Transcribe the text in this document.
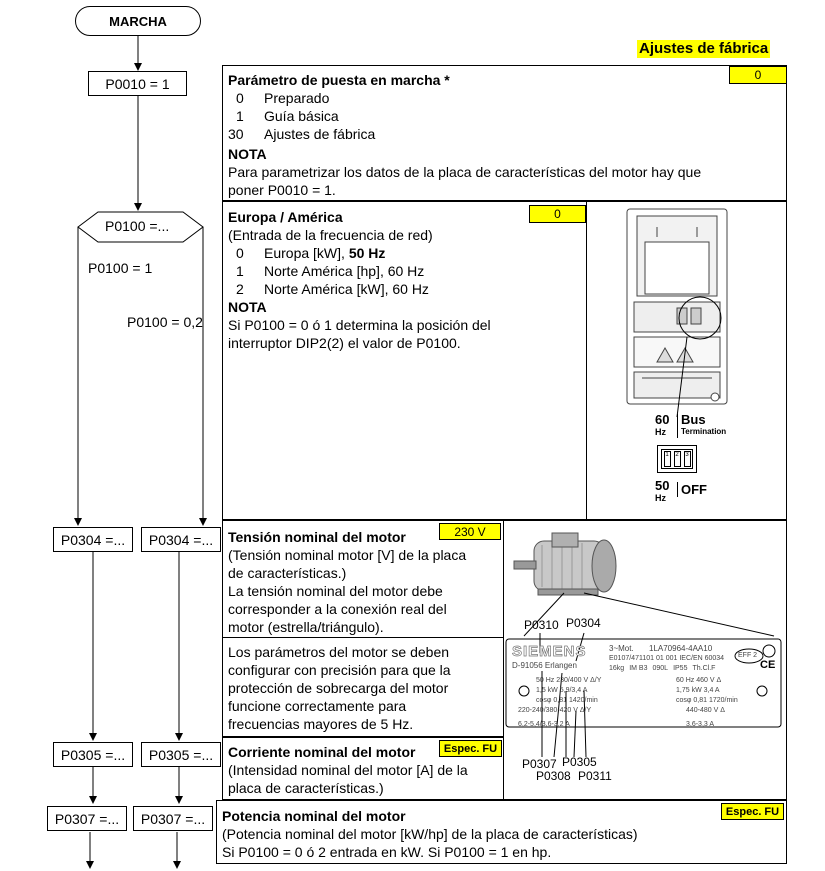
MARCHA
Ajustes de fábrica
P0010 = 1
P0100 =...
P0100 = 1
P0100 = 0,2
P0304 =...	P0304 =...
P0305 =...	P0305 =...
P0307 =...	P0307 =...
0
Parámetro de puesta en marcha *
0	Preparado
1	Guía básica
30	Ajustes de fábrica
NOTA
Para parametrizar los datos de la placa de características del motor hay que
poner P0010 = 1.
0
Europa / América
(Entrada de la frecuencia de red)
0	Europa [kW], 50 Hz
1	Norte América [hp], 60 Hz
2	Norte América [kW], 60 Hz
NOTA
Si P0100 = 0 ó 1 determina la posición del
interruptor DIP2(2) el valor de P0100.
60
Hz
Bus
Termination
1	2	3
50
Hz
OFF
230 V
Tensión nominal del motor
(Tensión nominal motor [V] de la placa
de características.)
La tensión nominal del motor debe
corresponder a la conexión real del
motor (estrella/triángulo).
Los parámetros del motor se deben
configurar con precisión para que la
protección de sobrecarga del motor
funcione correctamente para
frecuencias mayores de 5 Hz.
Espec. FU
Corriente nominal del motor
(Intensidad nominal del motor [A] de la
placa de características.)
P0310 P0304
P0307 P0305
P0308 P0311
SIEMENS
D-91056 Erlangen
3~Mot. 1LA70964-4AA10
E0107/471101 01 001 IEC/EN 60034
16kg IM B3 090L IP55 Th.Cl.F
EFF 2
CE
50 Hz 230/400 V Δ/Y
1,5 kW 5,9/3,4 A
cosφ 0,81 1420/min
220-240/380-420 V Δ/Y
6,2-5,4/3,6-3,2 A
60 Hz 460 V Δ
1,75 kW 3,4 A
cosφ 0,81 1720/min
440-480 V Δ
3,6-3,3 A
Espec. FU
Potencia nominal del motor
(Potencia nominal del motor [kW/hp] de la placa de características)
Si P0100 = 0 ó 2 entrada en kW. Si P0100 = 1 en hp.
